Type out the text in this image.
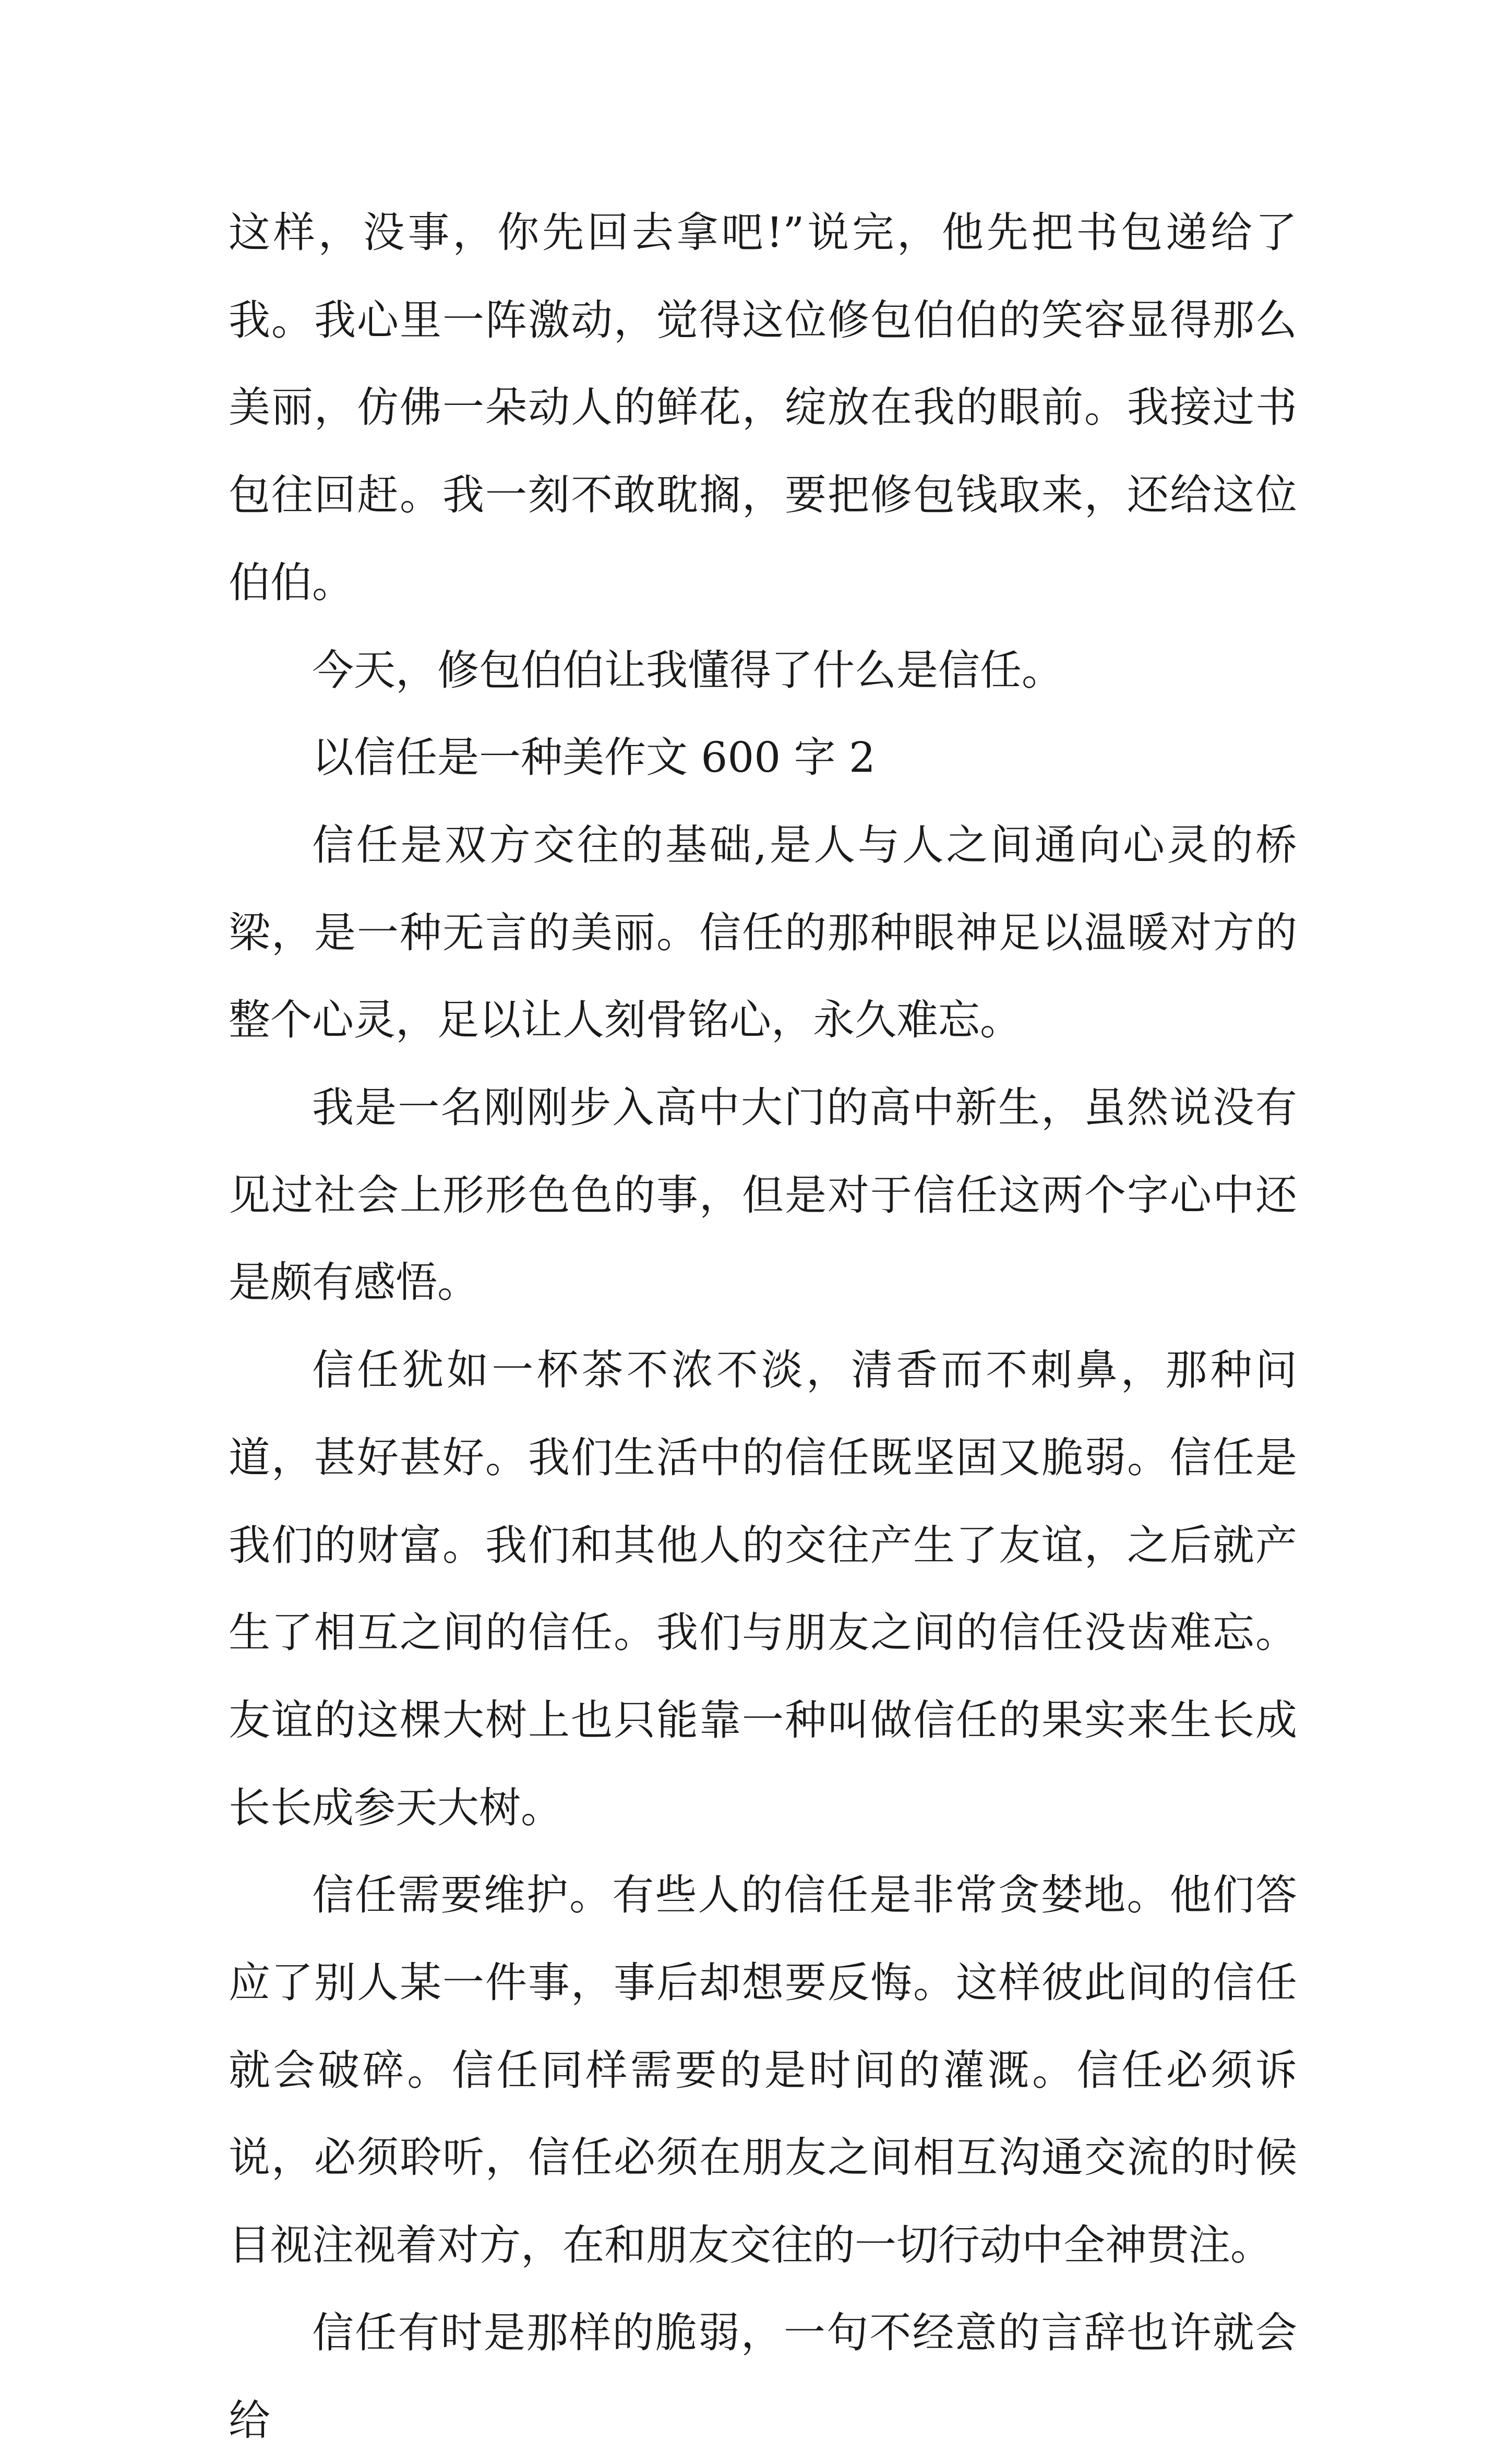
这样，没事，你先回去拿吧!”说完，他先把书包递给了我。我心里一阵激动，觉得这位修包伯伯的笑容显得那么美丽，仿佛一朵动人的鲜花，绽放在我的眼前。我接过书包往回赶。我一刻不敢耽搁，要把修包钱取来，还给这位伯伯。

今天，修包伯伯让我懂得了什么是信任。

以信任是一种美作文 600 字 2

信任是双方交往的基础,是人与人之间通向心灵的桥梁，是一种无言的美丽。信任的那种眼神足以温暖对方的整个心灵，足以让人刻骨铭心，永久难忘。

我是一名刚刚步入高中大门的高中新生，虽然说没有见过社会上形形色色的事，但是对于信任这两个字心中还是颇有感悟。

信任犹如一杯茶不浓不淡，清香而不刺鼻，那种问道，甚好甚好。我们生活中的信任既坚固又脆弱。信任是我们的财富。我们和其他人的交往产生了友谊，之后就产生了相互之间的信任。我们与朋友之间的信任没齿难忘。友谊的这棵大树上也只能靠一种叫做信任的果实来生长成长长成参天大树。

信任需要维护。有些人的信任是非常贪婪地。他们答应了别人某一件事，事后却想要反悔。这样彼此间的信任就会破碎。信任同样需要的是时间的灌溉。信任必须诉说，必须聆听，信任必须在朋友之间相互沟通交流的时候目视注视着对方，在和朋友交往的一切行动中全神贯注。

信任有时是那样的脆弱，一句不经意的言辞也许就会给
